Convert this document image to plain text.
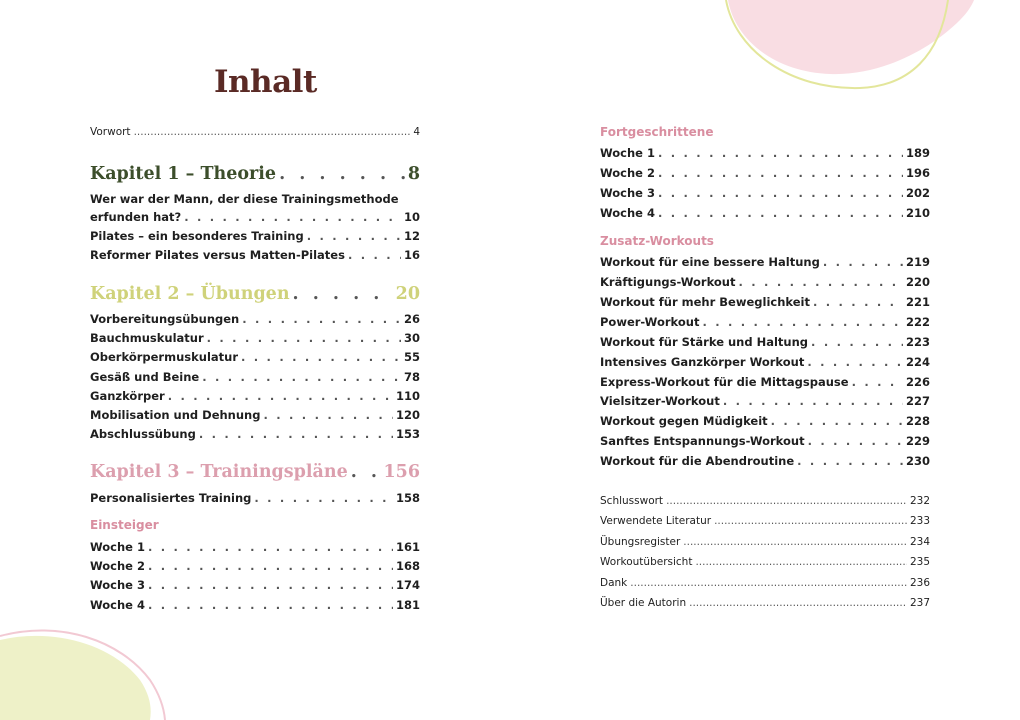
Inhalt
Vorwort .....	4
Kapitel 1 – Theorie . . .	8
Wer war der Mann, der diese Trainingsmethode
erfunden hat? . . .	10
Pilates – ein besonderes Training . . .	12
Reformer Pilates versus Matten-Pilates . . .	16
Kapitel 2 – Übungen . . .	20
Vorbereitungsübungen . . .	26
Bauchmuskulatur . . .	30
Oberkörpermuskulatur . . .	55
Gesäß und Beine . . .	78
Ganzkörper . . .	110
Mobilisation und Dehnung . . .	120
Abschlussübung . . .	153
Kapitel 3 – Trainingspläne . . . 156
Personalisiertes Training . . .	158
Einsteiger
Woche 1 . . .	161
Woche 2 . . .	168
Woche 3 . . .	174
Woche 4 . . .	181
Fortgeschrittene
Woche 1 . . .	189
Woche 2 . . .	196
Woche 3 . . .	202
Woche 4 . . .	210
Zusatz-Workouts
Workout für eine bessere Haltung . . .	219
Kräftigungs-Workout . . .	220
Workout für mehr Beweglichkeit . . .	221
Power-Workout . . .	222
Workout für Stärke und Haltung . . .	223
Intensives Ganzkörper Workout . . .	224
Express-Workout für die Mittagspause . . .	226
Vielsitzer-Workout . . .	227
Workout gegen Müdigkeit . . .	228
Sanftes Entspannungs-Workout . . .	229
Workout für die Abendroutine . . .	230
Schlusswort .....	232
Verwendete Literatur .....	233
Übungsregister .....	234
Workoutübersicht .....	235
Dank .....	236
Über die Autorin .....	237
